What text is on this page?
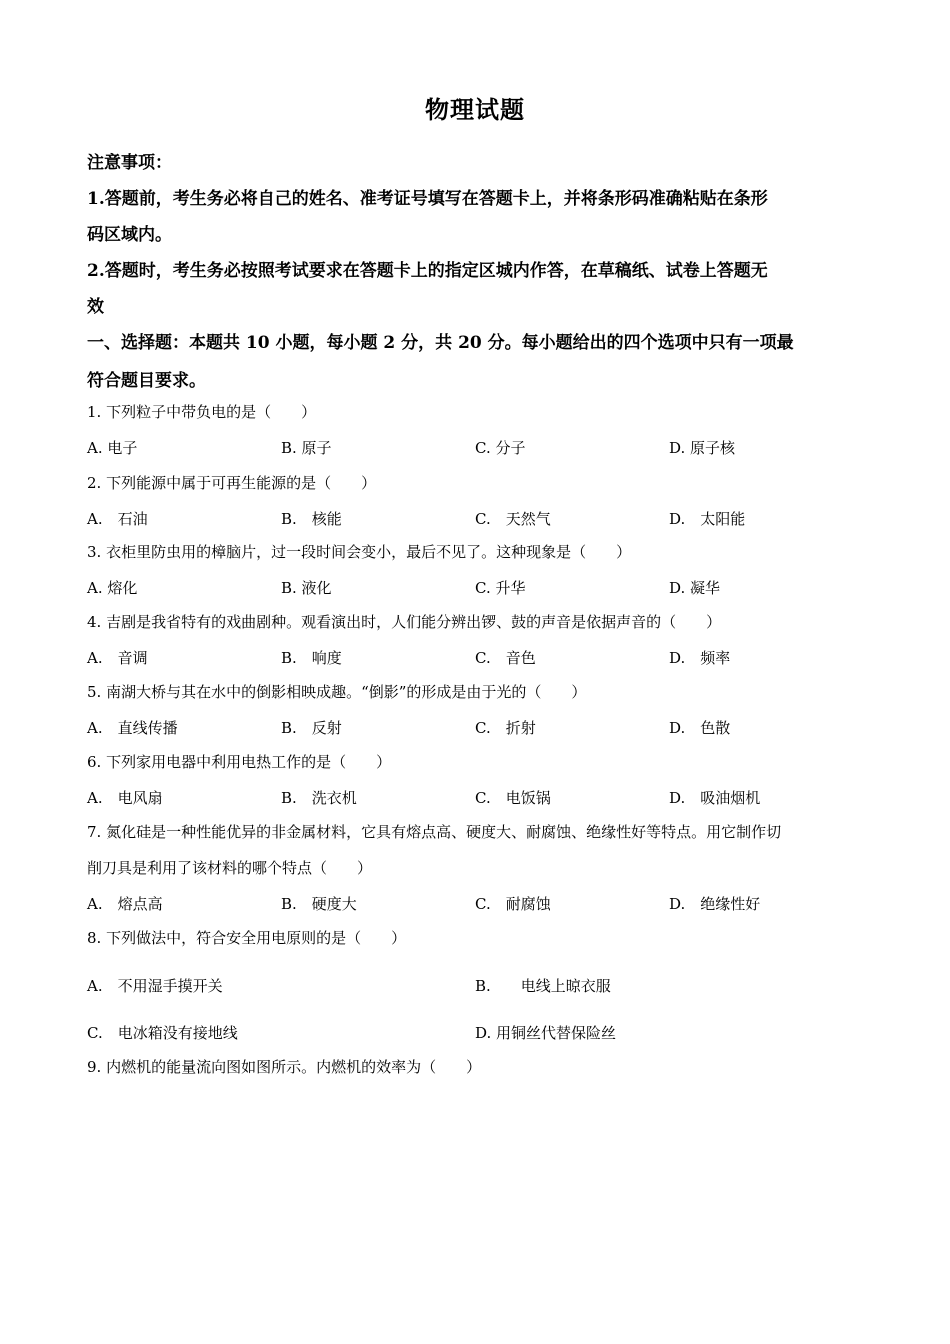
物理试题
注意事项：
1.答题前，考生务必将自己的姓名、准考证号填写在答题卡上，并将条形码准确粘贴在条形
码区域内。
2.答题时，考生务必按照考试要求在答题卡上的指定区城内作答，在草稿纸、试卷上答题无
效
一、选择题：本题共 10 小题，每小题 2 分，共 20 分。每小题给出的四个选项中只有一项最
符合题目要求。
1. 下列粒子中带负电的是（　　）
A. 电子	B. 原子	C. 分子	D. 原子核
2. 下列能源中属于可再生能源的是（　　）
A.　石油	B.　核能	C.　天然气	D.　太阳能
3. 衣柜里防虫用的樟脑片，过一段时间会变小，最后不见了。这种现象是（　　）
A. 熔化	B. 液化	C. 升华	D. 凝华
4. 吉剧是我省特有的戏曲剧种。观看演出时，人们能分辨出锣、鼓的声音是依据声音的（　　）
A.　音调	B.　响度	C.　音色	D.　频率
5. 南湖大桥与其在水中的倒影相映成趣。“倒影”的形成是由于光的（　　）
A.　直线传播	B.　反射	C.　折射	D.　色散
6. 下列家用电器中利用电热工作的是（　　）
A.　电风扇	B.　洗衣机	C.　电饭锅	D.　吸油烟机
7. 氮化硅是一种性能优异的非金属材料，它具有熔点高、硬度大、耐腐蚀、绝缘性好等特点。用它制作切
削刀具是利用了该材料的哪个特点（　　）
A.　熔点高	B.　硬度大	C.　耐腐蚀	D.　绝缘性好
8. 下列做法中，符合安全用电原则的是（　　）
A.　不用湿手摸开关	B.　　电线上晾衣服
C.　电冰箱没有接地线	D. 用铜丝代替保险丝
9. 内燃机的能量流向图如图所示。内燃机的效率为（　　）
